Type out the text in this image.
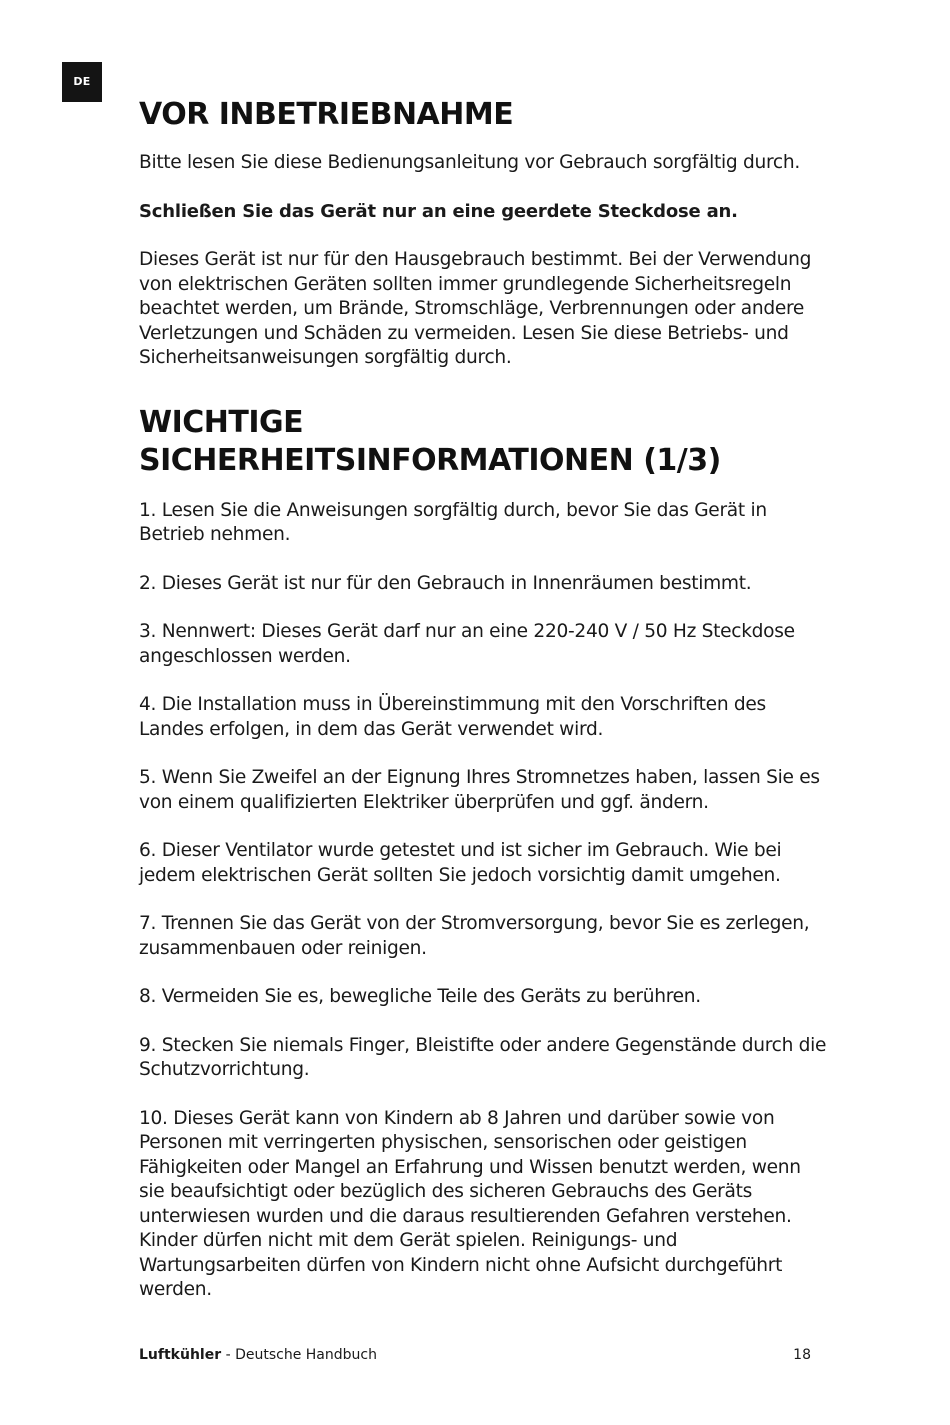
DE
VOR INBETRIEBNAHME

Bitte lesen Sie diese Bedienungsanleitung vor Gebrauch sorgfältig durch.

Schließen Sie das Gerät nur an eine geerdete Steckdose an.

Dieses Gerät ist nur für den Hausgebrauch bestimmt. Bei der Verwendung von elektrischen Geräten sollten immer grundlegende Sicherheitsregeln beachtet werden, um Brände, Stromschläge, Verbrennungen oder andere Verletzungen und Schäden zu vermeiden. Lesen Sie diese Betriebs- und Sicherheitsanweisungen sorgfältig durch.

WICHTIGE
SICHERHEITSINFORMATIONEN (1/3)

1. Lesen Sie die Anweisungen sorgfältig durch, bevor Sie das Gerät in Betrieb nehmen.

2. Dieses Gerät ist nur für den Gebrauch in Innenräumen bestimmt.

3. Nennwert: Dieses Gerät darf nur an eine 220-240 V / 50 Hz Steckdose angeschlossen werden.

4. Die Installation muss in Übereinstimmung mit den Vorschriften des Landes erfolgen, in dem das Gerät verwendet wird.

5. Wenn Sie Zweifel an der Eignung Ihres Stromnetzes haben, lassen Sie es von einem qualifizierten Elektriker überprüfen und ggf. ändern.

6. Dieser Ventilator wurde getestet und ist sicher im Gebrauch. Wie bei jedem elektrischen Gerät sollten Sie jedoch vorsichtig damit umgehen.

7. Trennen Sie das Gerät von der Stromversorgung, bevor Sie es zerlegen, zusammenbauen oder reinigen.

8. Vermeiden Sie es, bewegliche Teile des Geräts zu berühren.

9. Stecken Sie niemals Finger, Bleistifte oder andere Gegenstände durch die Schutzvorrichtung.

10. Dieses Gerät kann von Kindern ab 8 Jahren und darüber sowie von Personen mit verringerten physischen, sensorischen oder geistigen Fähigkeiten oder Mangel an Erfahrung und Wissen benutzt werden, wenn sie beaufsichtigt oder bezüglich des sicheren Gebrauchs des Geräts unterwiesen wurden und die daraus resultierenden Gefahren verstehen. Kinder dürfen nicht mit dem Gerät spielen. Reinigungs- und Wartungsarbeiten dürfen von Kindern nicht ohne Aufsicht durchgeführt werden.

Luftkühler - Deutsche Handbuch	18
